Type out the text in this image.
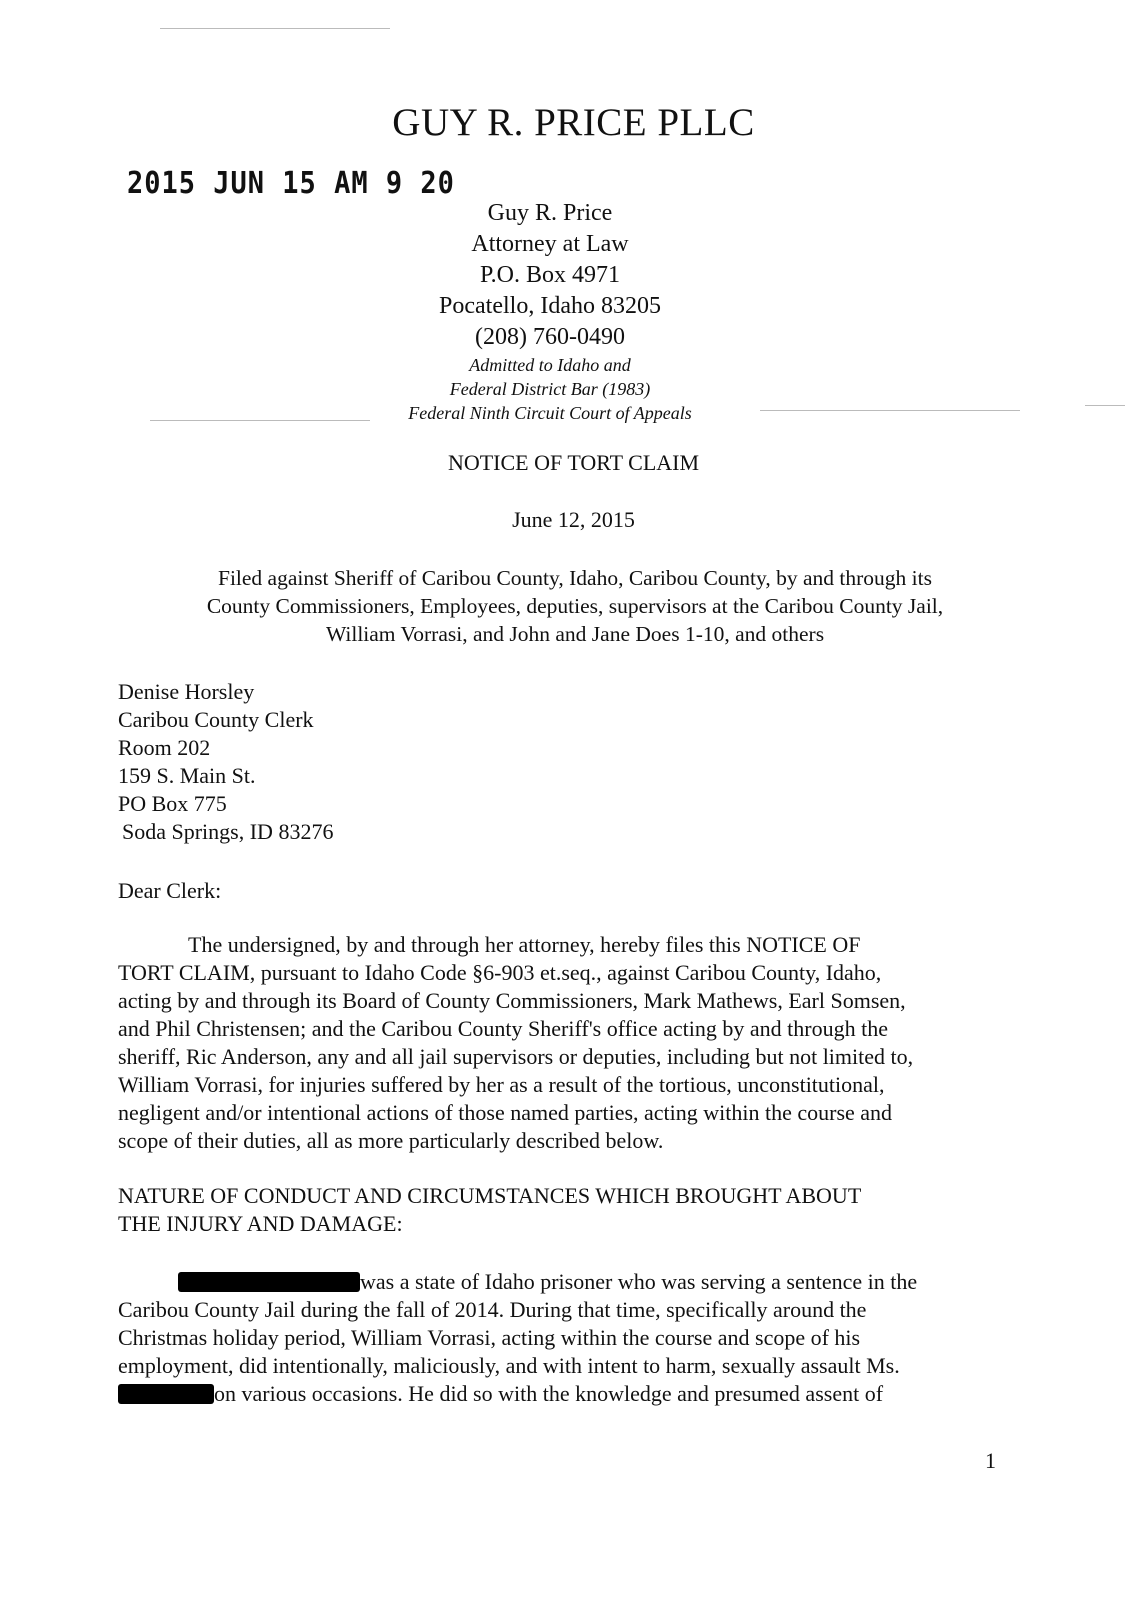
GUY R. PRICE PLLC
2015 JUN 15 AM 9 20
Guy R. Price
Attorney at Law
P.O. Box 4971
Pocatello, Idaho 83205
(208) 760-0490
Admitted to Idaho and
Federal District Bar (1983)
Federal Ninth Circuit Court of Appeals
NOTICE OF TORT CLAIM
June 12, 2015
Filed against Sheriff of Caribou County, Idaho, Caribou County, by and through its
County Commissioners, Employees, deputies, supervisors at the Caribou County Jail,
William Vorrasi, and John and Jane Does 1-10, and others
Denise Horsley
Caribou County Clerk
Room 202
159 S. Main St.
PO Box 775
Soda Springs, ID 83276
Dear Clerk:
The undersigned, by and through her attorney, hereby files this NOTICE OF
TORT CLAIM, pursuant to Idaho Code §6-903 et.seq., against Caribou County, Idaho,
acting by and through its Board of County Commissioners, Mark Mathews, Earl Somsen,
and Phil Christensen; and the Caribou County Sheriff's office acting by and through the
sheriff, Ric Anderson, any and all jail supervisors or deputies, including but not limited to,
William Vorrasi, for injuries suffered by her as a result of the tortious, unconstitutional,
negligent and/or intentional actions of those named parties, acting within the course and
scope of their duties, all as more particularly described below.
NATURE OF CONDUCT AND CIRCUMSTANCES WHICH BROUGHT ABOUT
THE INJURY AND DAMAGE:
was a state of Idaho prisoner who was serving a sentence in the
Caribou County Jail during the fall of 2014. During that time, specifically around the
Christmas holiday period, William Vorrasi, acting within the course and scope of his
employment, did intentionally, maliciously, and with intent to harm, sexually assault Ms.
on various occasions. He did so with the knowledge and presumed assent of
1
